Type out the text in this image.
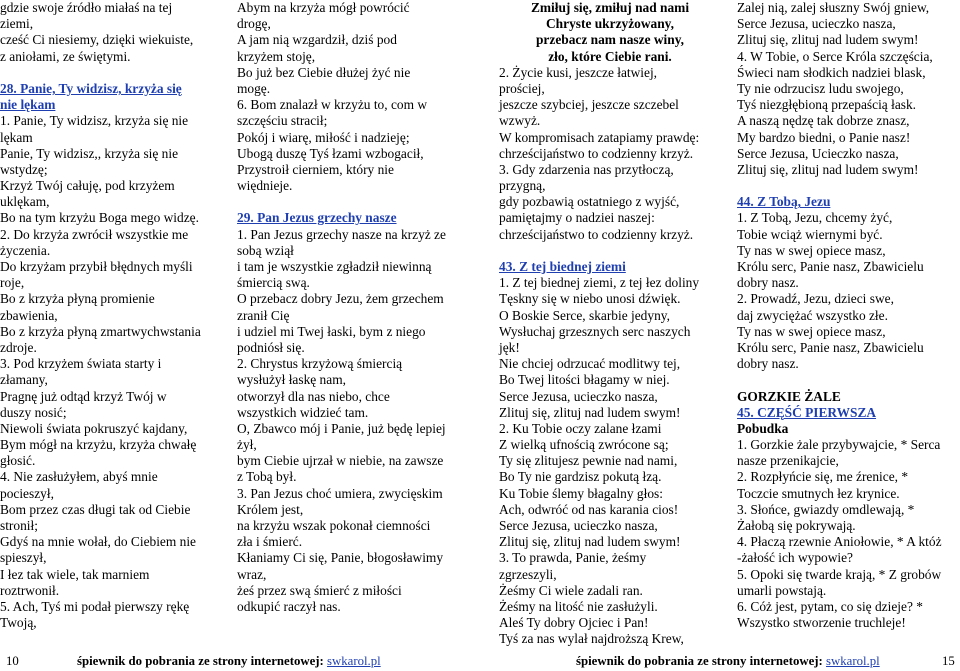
gdzie swoje źródło miałaś na tej
ziemi,
cześć Ci niesiemy, dzięki wiekuiste,
z aniołami, ze świętymi.
28. Panie, Ty widzisz, krzyża się
nie lękam
1. Panie, Ty widzisz, krzyża się nie
lękam
Panie, Ty widzisz,, krzyża się nie
wstydzę;
Krzyż Twój całuję, pod krzyżem
uklękam,
Bo na tym krzyżu Boga mego widzę.
2. Do krzyża zwrócił wszystkie me
życzenia.
Do krzyżam przybił błędnych myśli
roje,
Bo z krzyża płyną promienie
zbawienia,
Bo z krzyża płyną zmartwychwstania
zdroje.
3. Pod krzyżem świata starty i
złamany,
Pragnę już odtąd krzyż Twój w
duszy nosić;
Niewoli świata pokruszyć kajdany,
Bym mógł na krzyżu, krzyża chwałę
głosić.
4. Nie zasłużyłem, abyś mnie
pocieszył,
Bom przez czas długi tak od Ciebie
stronił;
Gdyś na mnie wołał, do Ciebiem nie
spieszył,
I łez tak wiele, tak marniem
roztrwonił.
5. Ach, Tyś mi podał pierwszy rękę
Twoją,
Abym na krzyża mógł powrócić
drogę,
A jam nią wzgardził, dziś pod
krzyżem stoję,
Bo już bez Ciebie dłużej żyć nie
mogę.
6. Bom znalazł w krzyżu to, com w
szczęściu stracił;
Pokój i wiarę, miłość i nadzieję;
Ubogą duszę Tyś łzami wzbogacił,
Przystroił cierniem, który nie
więdnieje.
29. Pan Jezus grzechy nasze
1. Pan Jezus grzechy nasze na krzyż ze
sobą wziął
i tam je wszystkie zgładził niewinną
śmiercią swą.
O przebacz dobry Jezu, żem grzechem
zranił Cię
i udziel mi Twej łaski, bym z niego
podniósł się.
2. Chrystus krzyżową śmiercią
wysłużył łaskę nam,
otworzył dla nas niebo, chce
wszystkich widzieć tam.
O, Zbawco mój i Panie, już będę lepiej
żył,
bym Ciebie ujrzał w niebie, na zawsze
z Tobą był.
3. Pan Jezus choć umiera, zwycięskim
Królem jest,
na krzyżu wszak pokonał ciemności
zła i śmierć.
Kłaniamy Ci się, Panie, błogosławimy
wraz,
żeś przez swą śmierć z miłości
odkupić raczył nas.
Zmiłuj się, zmiłuj nad nami
Chryste ukrzyżowany,
przebacz nam nasze winy,
zło, które Ciebie rani.
2. Życie kusi, jeszcze łatwiej,
prościej,
jeszcze szybciej, jeszcze szczebel
wzwyż.
W kompromisach zatapiamy prawdę:
chrześcijaństwo to codzienny krzyż.
3. Gdy zdarzenia nas przytłoczą,
przygną,
gdy pozbawią ostatniego z wyjść,
pamiętajmy o nadziei naszej:
chrześcijaństwo to codzienny krzyż.
43. Z tej biednej ziemi
1. Z tej biednej ziemi, z tej łez doliny
Tęskny się w niebo unosi dźwięk.
O Boskie Serce, skarbie jedyny,
Wysłuchaj grzesznych serc naszych
jęk!
Nie chciej odrzucać modlitwy tej,
Bo Twej litości błagamy w niej.
Serce Jezusa, ucieczko nasza,
Zlituj się, zlituj nad ludem swym!
2. Ku Tobie oczy zalane łzami
Z wielką ufnością zwrócone są;
Ty się zlitujesz pewnie nad nami,
Bo Ty nie gardzisz pokutą łzą.
Ku Tobie ślemy błagalny głos:
Ach, odwróć od nas karania cios!
Serce Jezusa, ucieczko nasza,
Zlituj się, zlituj nad ludem swym!
3. To prawda, Panie, żeśmy
zgrzeszyli,
Żeśmy Ci wiele zadali ran.
Żeśmy na litość nie zasłużyli.
Aleś Ty dobry Ojciec i Pan!
Tyś za nas wylał najdroższą Krew,
Zalej nią, zalej słuszny Swój gniew,
Serce Jezusa, ucieczko nasza,
Zlituj się, zlituj nad ludem swym!
4. W Tobie, o Serce Króla szczęścia,
Świeci nam słodkich nadziei blask,
Ty nie odrzucisz ludu swojego,
Tyś niezgłębioną przepaścią łask.
A naszą nędzę tak dobrze znasz,
My bardzo biedni, o Panie nasz!
Serce Jezusa, Ucieczko nasza,
Zlituj się, zlituj nad ludem swym!
44. Z Tobą, Jezu
1. Z Tobą, Jezu, chcemy żyć,
Tobie wciąż wiernymi być.
Ty nas w swej opiece masz,
Królu serc, Panie nasz, Zbawicielu
dobry nasz.
2. Prowadź, Jezu, dzieci swe,
daj zwyciężać wszystko złe.
Ty nas w swej opiece masz,
Królu serc, Panie nasz, Zbawicielu
dobry nasz.
GORZKIE ŻALE
45. CZĘŚĆ PIERWSZA
Pobudka
1. Gorzkie żale przybywajcie, * Serca
nasze przenikajcie,
2. Rozpłyńcie się, me źrenice, *
Toczcie smutnych łez krynice.
3. Słońce, gwiazdy omdlewają, *
Żałobą się pokrywają.
4. Płaczą rzewnie Aniołowie, * A któż
-żałość ich wypowie?
5. Opoki się twarde krają, * Z grobów
umarli powstają.
6. Cóż jest, pytam, co się dzieje? *
Wszystko stworzenie truchleje!
10	śpiewnik do pobrania ze strony internetowej: swkarol.pl	śpiewnik do pobrania ze strony internetowej: swkarol.pl	15
